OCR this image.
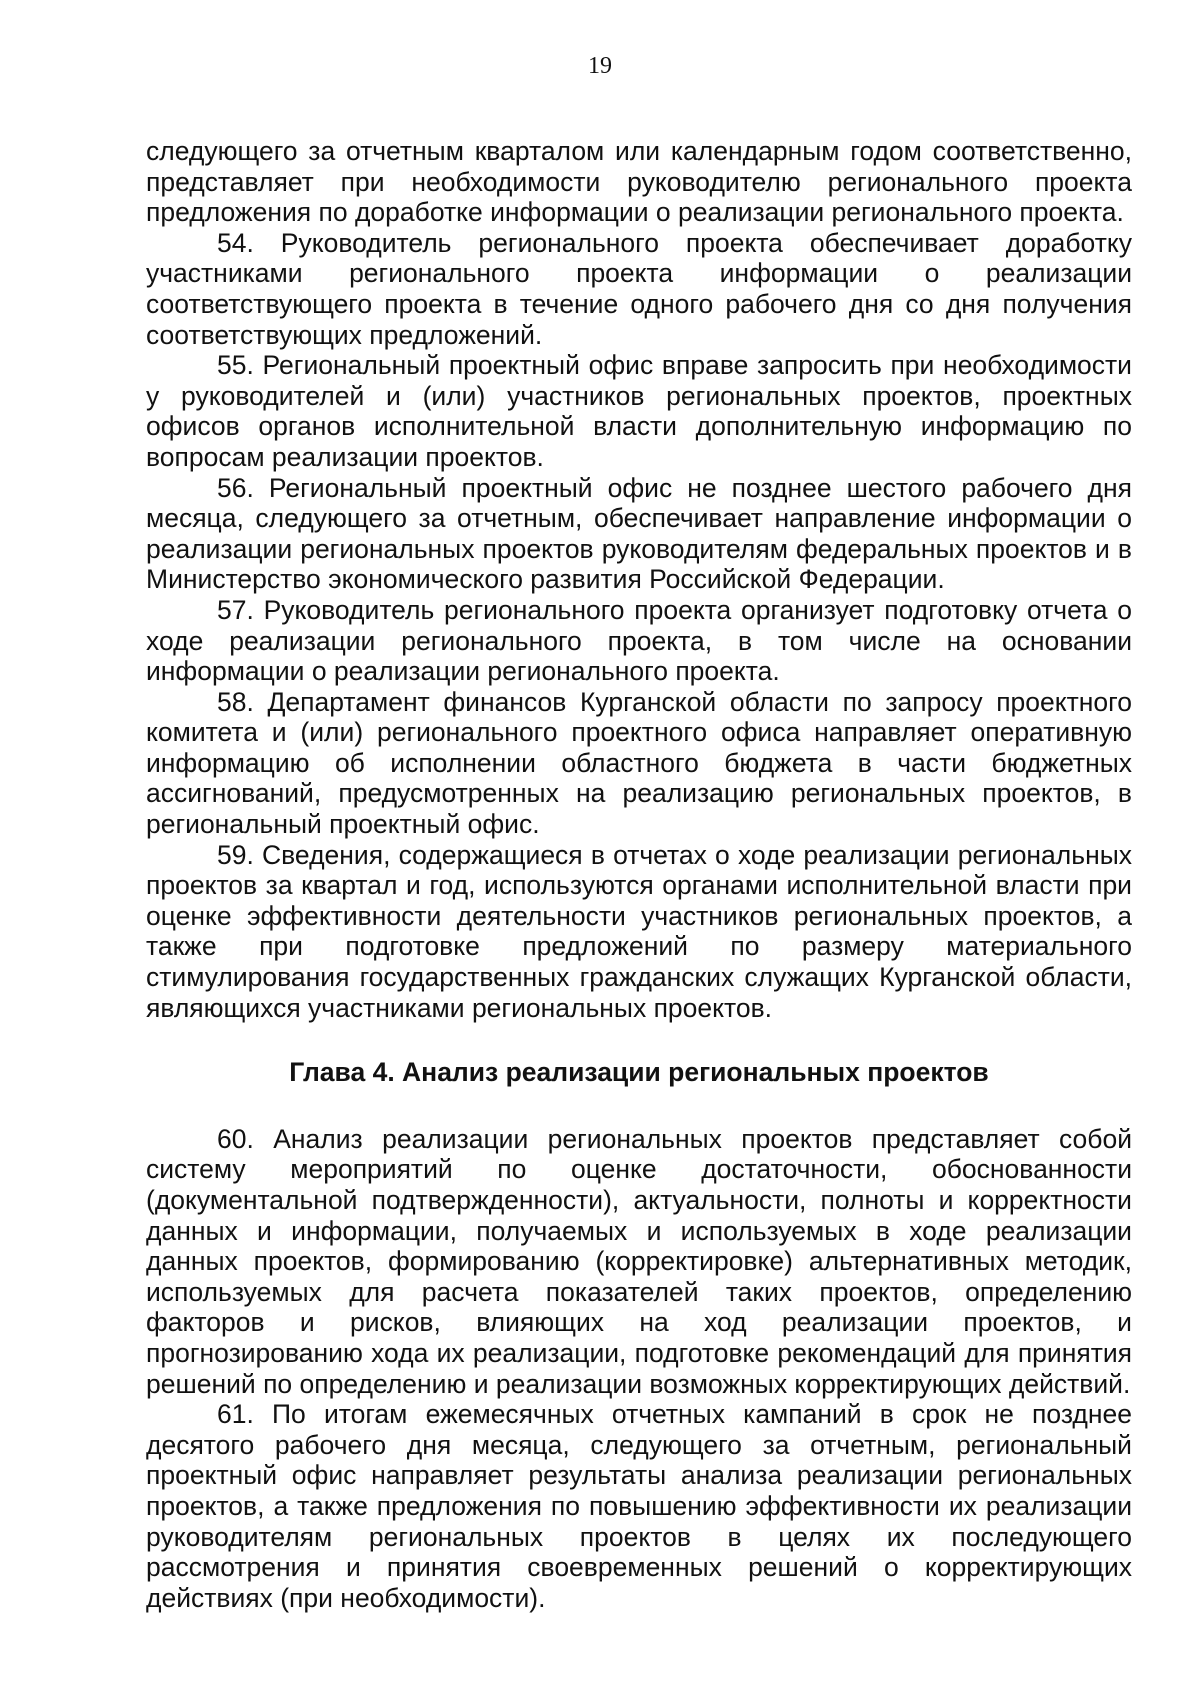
19

следующего за отчетным кварталом или календарным годом соответственно, представляет при необходимости руководителю регионального проекта предложения по доработке информации о реализации регионального проекта.

54. Руководитель регионального проекта обеспечивает доработку участниками регионального проекта информации о реализации соответствующего проекта в течение одного рабочего дня со дня получения соответствующих предложений.

55. Региональный проектный офис вправе запросить при необходимости у руководителей и (или) участников региональных проектов, проектных офисов органов исполнительной власти дополнительную информацию по вопросам реализации проектов.

56. Региональный проектный офис не позднее шестого рабочего дня месяца, следующего за отчетным, обеспечивает направление информации о реализации региональных проектов руководителям федеральных проектов и в Министерство экономического развития Российской Федерации.

57. Руководитель регионального проекта организует подготовку отчета о ходе реализации регионального проекта, в том числе на основании информации о реализации регионального проекта.

58. Департамент финансов Курганской области по запросу проектного комитета и (или) регионального проектного офиса направляет оперативную информацию об исполнении областного бюджета в части бюджетных ассигнований, предусмотренных на реализацию региональных проектов, в региональный проектный офис.

59. Сведения, содержащиеся в отчетах о ходе реализации региональных проектов за квартал и год, используются органами исполнительной власти при оценке эффективности деятельности участников региональных проектов, а также при подготовке предложений по размеру материального стимулирования государственных гражданских служащих Курганской области, являющихся участниками региональных проектов.

Глава 4. Анализ реализации региональных проектов

60. Анализ реализации региональных проектов представляет собой систему мероприятий по оценке достаточности, обоснованности (документальной подтвержденности), актуальности, полноты и корректности данных и информации, получаемых и используемых в ходе реализации данных проектов, формированию (корректировке) альтернативных методик, используемых для расчета показателей таких проектов, определению факторов и рисков, влияющих на ход реализации проектов, и прогнозированию хода их реализации, подготовке рекомендаций для принятия решений по определению и реализации возможных корректирующих действий.

61. По итогам ежемесячных отчетных кампаний в срок не позднее десятого рабочего дня месяца, следующего за отчетным, региональный проектный офис направляет результаты анализа реализации региональных проектов, а также предложения по повышению эффективности их реализации руководителям региональных проектов в целях их последующего рассмотрения и принятия своевременных решений о корректирующих действиях (при необходимости).
